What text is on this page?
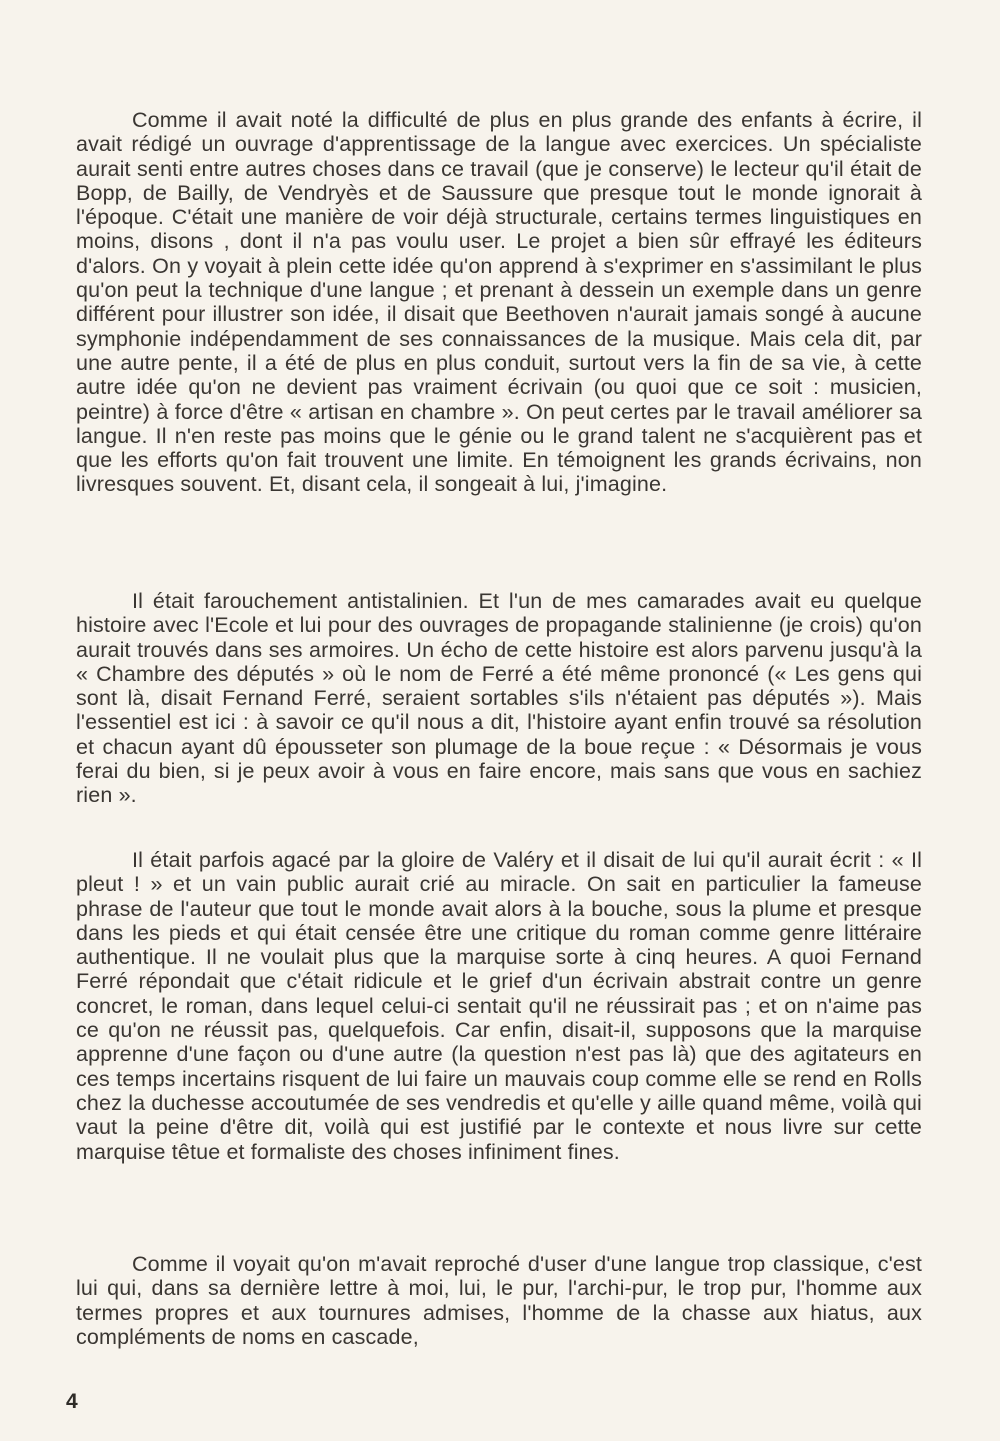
Comme il avait noté la difficulté de plus en plus grande des enfants à écrire, il avait rédigé un ouvrage d'apprentissage de la langue avec exercices. Un spécialiste aurait senti entre autres choses dans ce travail (que je conserve) le lecteur qu'il était de Bopp, de Bailly, de Vendryès et de Saussure que presque tout le monde ignorait à l'époque. C'était une manière de voir déjà structurale, certains termes linguistiques en moins, disons , dont il n'a pas voulu user. Le projet a bien sûr effrayé les éditeurs d'alors. On y voyait à plein cette idée qu'on apprend à s'exprimer en s'assimilant le plus qu'on peut la technique d'une langue ; et prenant à dessein un exemple dans un genre différent pour illustrer son idée, il disait que Beethoven n'aurait jamais songé à aucune symphonie indépendamment de ses connaissances de la musique. Mais cela dit, par une autre pente, il a été de plus en plus conduit, surtout vers la fin de sa vie, à cette autre idée qu'on ne devient pas vraiment écrivain (ou quoi que ce soit : musicien, peintre) à force d'être « artisan en chambre ». On peut certes par le travail améliorer sa langue. Il n'en reste pas moins que le génie ou le grand talent ne s'acquièrent pas et que les efforts qu'on fait trouvent une limite. En témoignent les grands écrivains, non livresques souvent. Et, disant cela, il songeait à lui, j'imagine.

Il était farouchement antistalinien. Et l'un de mes camarades avait eu quelque histoire avec l'Ecole et lui pour des ouvrages de propagande stalinienne (je crois) qu'on aurait trouvés dans ses armoires. Un écho de cette histoire est alors parvenu jusqu'à la « Chambre des députés » où le nom de Ferré a été même prononcé (« Les gens qui sont là, disait Fernand Ferré, seraient sortables s'ils n'étaient pas députés »). Mais l'essentiel est ici : à savoir ce qu'il nous a dit, l'histoire ayant enfin trouvé sa résolution et chacun ayant dû épousseter son plumage de la boue reçue : « Désormais je vous ferai du bien, si je peux avoir à vous en faire encore, mais sans que vous en sachiez rien ».

Il était parfois agacé par la gloire de Valéry et il disait de lui qu'il aurait écrit : « Il pleut ! » et un vain public aurait crié au miracle. On sait en particulier la fameuse phrase de l'auteur que tout le monde avait alors à la bouche, sous la plume et presque dans les pieds et qui était censée être une critique du roman comme genre littéraire authentique. Il ne voulait plus que la marquise sorte à cinq heures. A quoi Fernand Ferré répondait que c'était ridicule et le grief d'un écrivain abstrait contre un genre concret, le roman, dans lequel celui-ci sentait qu'il ne réussirait pas ; et on n'aime pas ce qu'on ne réussit pas, quelquefois. Car enfin, disait-il, supposons que la marquise apprenne d'une façon ou d'une autre (la question n'est pas là) que des agitateurs en ces temps incertains risquent de lui faire un mauvais coup comme elle se rend en Rolls chez la duchesse accoutumée de ses vendredis et qu'elle y aille quand même, voilà qui vaut la peine d'être dit, voilà qui est justifié par le contexte et nous livre sur cette marquise têtue et formaliste des choses infiniment fines.

Comme il voyait qu'on m'avait reproché d'user d'une langue trop classique, c'est lui qui, dans sa dernière lettre à moi, lui, le pur, l'archi-pur, le trop pur, l'homme aux termes propres et aux tournures admises, l'homme de la chasse aux hiatus, aux compléments de noms en cascade,

4
